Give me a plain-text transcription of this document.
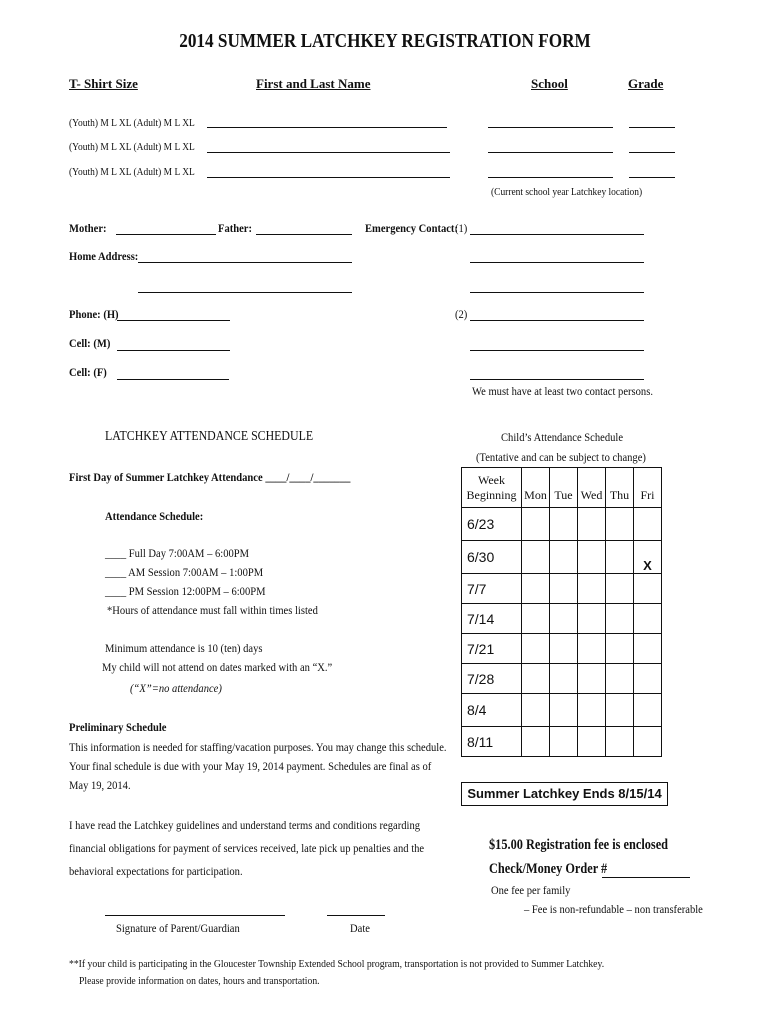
2014 SUMMER LATCHKEY REGISTRATION FORM
T- Shirt Size	First and Last Name	School	Grade
(Youth) M L XL (Adult) M L XL
(Youth) M L XL (Adult) M L XL
(Youth) M L XL (Adult) M L XL
(Current school year Latchkey location)
Mother:	Father:	Emergency Contact:
(1)
Home Address:
Phone: (H)	(2)
Cell: (M)
Cell: (F)
We must have at least two contact persons.
LATCHKEY ATTENDANCE SCHEDULE
First Day of Summer Latchkey Attendance ____/____/_______
Attendance Schedule:
____ Full Day 7:00AM – 6:00PM
____ AM Session 7:00AM – 1:00PM
____ PM Session 12:00PM – 6:00PM
*Hours of attendance must fall within times listed
Minimum attendance is 10 (ten) days
My child will not attend on dates marked with an “X.”
(“X”=no attendance)
Preliminary Schedule
This information is needed for staffing/vacation purposes. You may change this schedule.
Your final schedule is due with your May 19, 2014 payment. Schedules are final as of
May 19, 2014.
Child’s Attendance Schedule
(Tentative and can be subject to change)
Week
Beginning	Mon	Tue	Wed	Thu	Fri
6/23					
6/30					X
7/7					
7/14					
7/21					
7/28					
8/4					
8/11					
Summer Latchkey Ends 8/15/14
I have read the Latchkey guidelines and understand terms and conditions regarding
financial obligations for payment of services received, late pick up penalties and the
behavioral expectations for participation.
$15.00 Registration fee is enclosed
Check/Money Order #
One fee per family
– Fee is non-refundable – non transferable
Signature of Parent/Guardian	Date
**If your child is participating in the Gloucester Township Extended School program, transportation is not provided to Summer Latchkey.
Please provide information on dates, hours and transportation.
